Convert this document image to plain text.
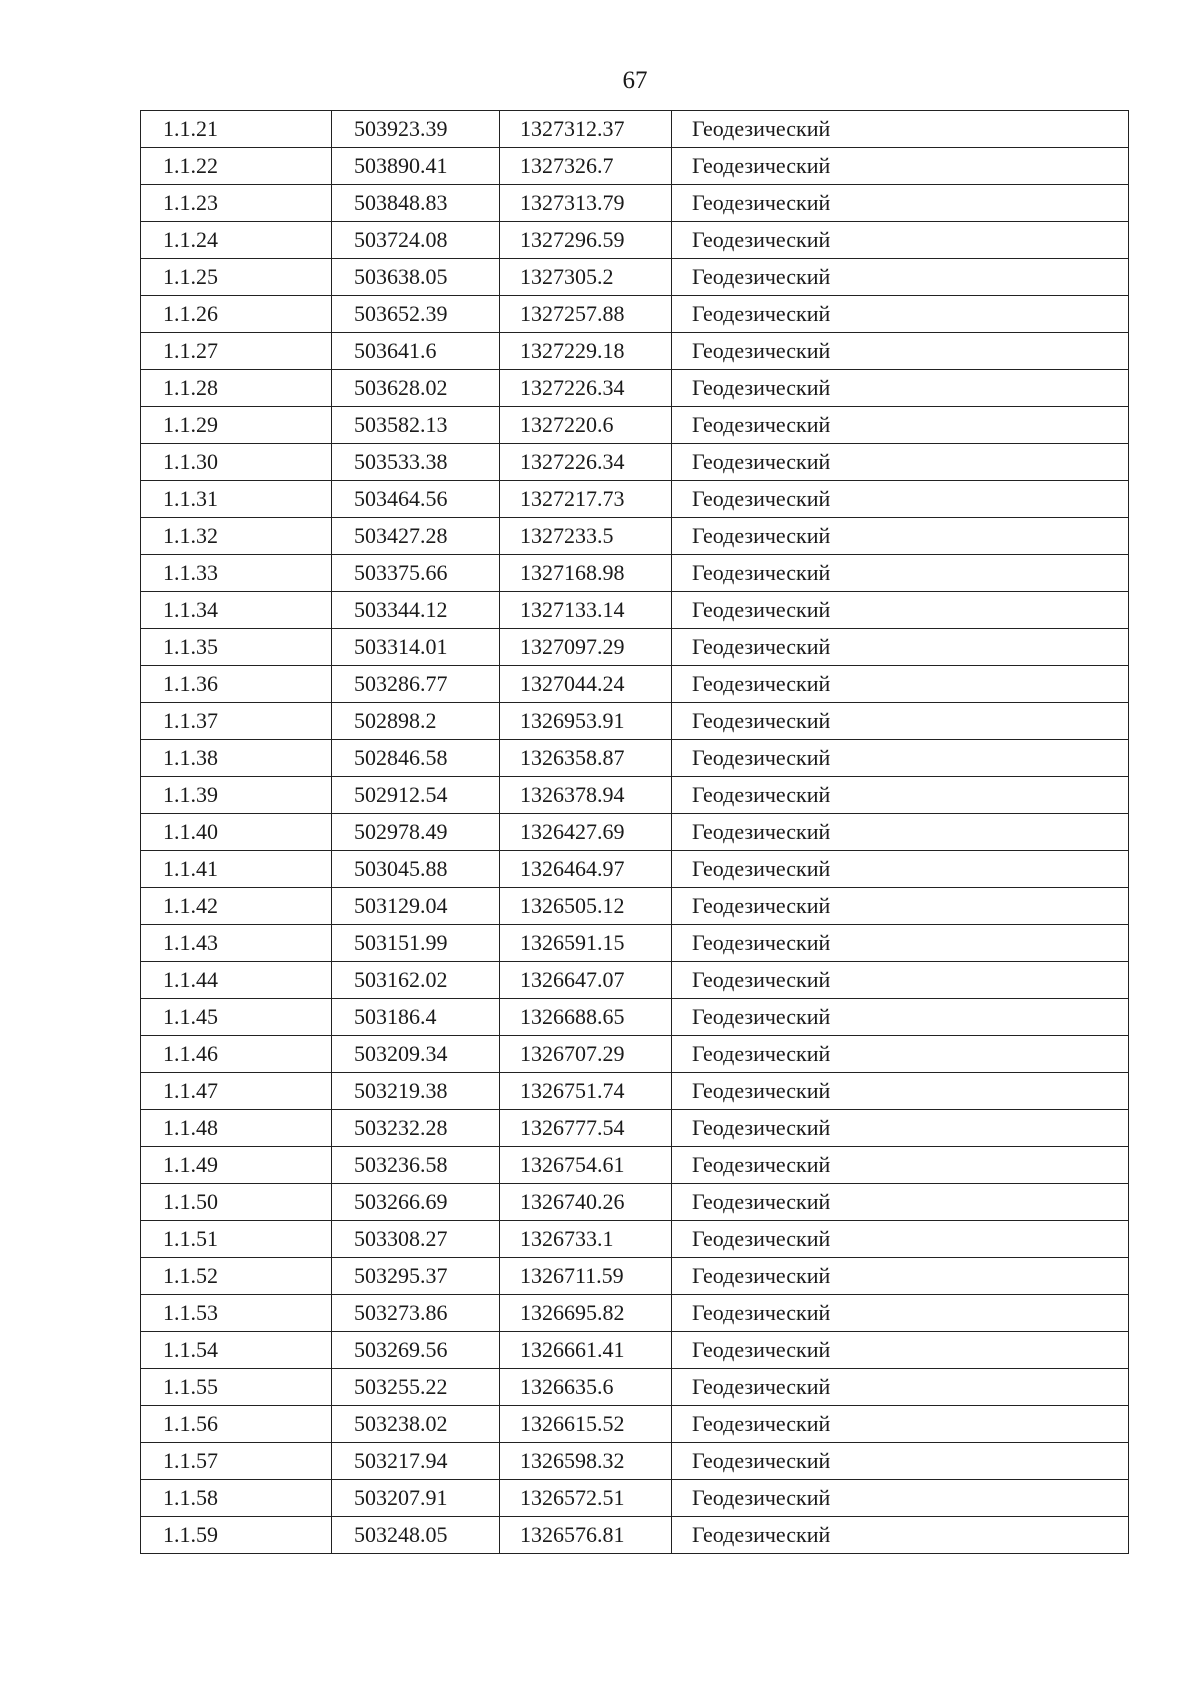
67
1.1.21	503923.39	1327312.37	Геодезический
1.1.22	503890.41	1327326.7	Геодезический
1.1.23	503848.83	1327313.79	Геодезический
1.1.24	503724.08	1327296.59	Геодезический
1.1.25	503638.05	1327305.2	Геодезический
1.1.26	503652.39	1327257.88	Геодезический
1.1.27	503641.6	1327229.18	Геодезический
1.1.28	503628.02	1327226.34	Геодезический
1.1.29	503582.13	1327220.6	Геодезический
1.1.30	503533.38	1327226.34	Геодезический
1.1.31	503464.56	1327217.73	Геодезический
1.1.32	503427.28	1327233.5	Геодезический
1.1.33	503375.66	1327168.98	Геодезический
1.1.34	503344.12	1327133.14	Геодезический
1.1.35	503314.01	1327097.29	Геодезический
1.1.36	503286.77	1327044.24	Геодезический
1.1.37	502898.2	1326953.91	Геодезический
1.1.38	502846.58	1326358.87	Геодезический
1.1.39	502912.54	1326378.94	Геодезический
1.1.40	502978.49	1326427.69	Геодезический
1.1.41	503045.88	1326464.97	Геодезический
1.1.42	503129.04	1326505.12	Геодезический
1.1.43	503151.99	1326591.15	Геодезический
1.1.44	503162.02	1326647.07	Геодезический
1.1.45	503186.4	1326688.65	Геодезический
1.1.46	503209.34	1326707.29	Геодезический
1.1.47	503219.38	1326751.74	Геодезический
1.1.48	503232.28	1326777.54	Геодезический
1.1.49	503236.58	1326754.61	Геодезический
1.1.50	503266.69	1326740.26	Геодезический
1.1.51	503308.27	1326733.1	Геодезический
1.1.52	503295.37	1326711.59	Геодезический
1.1.53	503273.86	1326695.82	Геодезический
1.1.54	503269.56	1326661.41	Геодезический
1.1.55	503255.22	1326635.6	Геодезический
1.1.56	503238.02	1326615.52	Геодезический
1.1.57	503217.94	1326598.32	Геодезический
1.1.58	503207.91	1326572.51	Геодезический
1.1.59	503248.05	1326576.81	Геодезический
